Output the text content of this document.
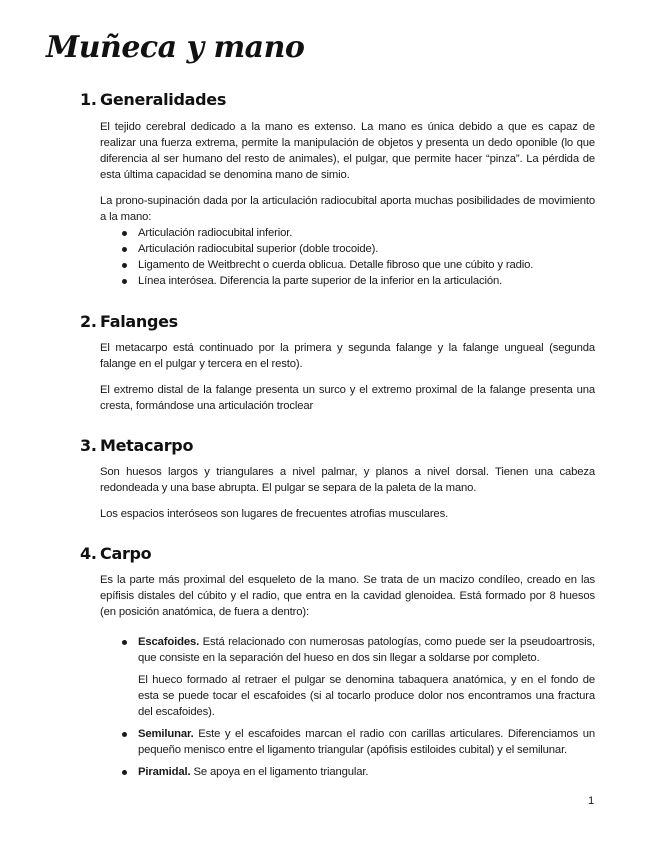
Muñeca y mano
1. Generalidades

El tejido cerebral dedicado a la mano es extenso. La mano es única debido a que es capaz de realizar una fuerza extrema, permite la manipulación de objetos y presenta un dedo oponible (lo que diferencia al ser humano del resto de animales), el pulgar, que permite hacer “pinza”. La pérdida de esta última capacidad se denomina mano de simio.

La prono-supinación dada por la articulación radiocubital aporta muchas posibilidades de movimiento a la mano:

Articulación radiocubital inferior.
Articulación radiocubital superior (doble trocoide).
Ligamento de Weitbrecht o cuerda oblicua. Detalle fibroso que une cúbito y radio.
Línea interósea. Diferencia la parte superior de la inferior en la articulación.
2. Falanges

El metacarpo está continuado por la primera y segunda falange y la falange ungueal (segunda falange en el pulgar y tercera en el resto).

El extremo distal de la falange presenta un surco y el extremo proximal de la falange presenta una cresta, formándose una articulación troclear

3. Metacarpo

Son huesos largos y triangulares a nivel palmar, y planos a nivel dorsal. Tienen una cabeza redondeada y una base abrupta. El pulgar se separa de la paleta de la mano.

Los espacios interóseos son lugares de frecuentes atrofias musculares.

4. Carpo

Es la parte más proximal del esqueleto de la mano. Se trata de un macizo condíleo, creado en las epífisis distales del cúbito y el radio, que entra en la cavidad glenoidea. Está formado por 8 huesos (en posición anatómica, de fuera a dentro):

Escafoides. Está relacionado con numerosas patologías, como puede ser la pseudoartrosis, que consiste en la separación del hueso en dos sin llegar a soldarse por completo.

El hueco formado al retraer el pulgar se denomina tabaquera anatómica, y en el fondo de esta se puede tocar el escafoides (si al tocarlo produce dolor nos encontramos una fractura del escafoides).

Semilunar. Este y el escafoides marcan el radio con carillas articulares. Diferenciamos un pequeño menisco entre el ligamento triangular (apófisis estiloides cubital) y el semilunar.

Piramidal. Se apoya en el ligamento triangular.

1
